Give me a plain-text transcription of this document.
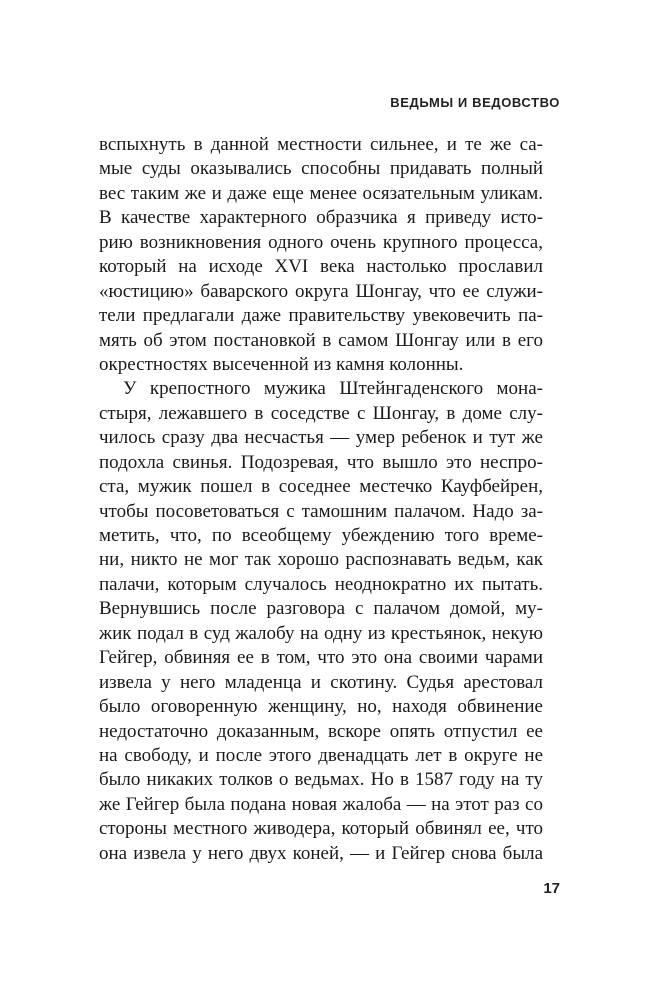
ВЕДЬМЫ И ВЕДОВСТВО
вспыхнуть в данной местности сильнее, и те же са-
мые суды оказывались способны придавать полный
вес таким же и даже еще менее осязательным уликам.
В качестве характерного образчика я приведу исто-
рию возникновения одного очень крупного процесса,
который на исходе XVI века настолько прославил
«юстицию» баварского округа Шонгау, что ее служи-
тели предлагали даже правительству увековечить па-
мять об этом постановкой в самом Шонгау или в его
окрестностях высеченной из камня колонны.
У крепостного мужика Штейнгаденского мона-
стыря, лежавшего в соседстве с Шонгау, в доме слу-
чилось сразу два несчастья — умер ребенок и тут же
подохла свинья. Подозревая, что вышло это неспро-
ста, мужик пошел в соседнее местечко Кауфбейрен,
чтобы посоветоваться с тамошним палачом. Надо за-
метить, что, по всеобщему убеждению того време-
ни, никто не мог так хорошо распознавать ведьм, как
палачи, которым случалось неоднократно их пытать.
Вернувшись после разговора с палачом домой, му-
жик подал в суд жалобу на одну из крестьянок, некую
Гейгер, обвиняя ее в том, что это она своими чарами
извела у него младенца и скотину. Судья арестовал
было оговоренную женщину, но, находя обвинение
недостаточно доказанным, вскоре опять отпустил ее
на свободу, и после этого двенадцать лет в округе не
было никаких толков о ведьмах. Но в 1587 году на ту
же Гейгер была подана новая жалоба — на этот раз со
стороны местного живодера, который обвинял ее, что
она извела у него двух коней, — и Гейгер снова была
17
